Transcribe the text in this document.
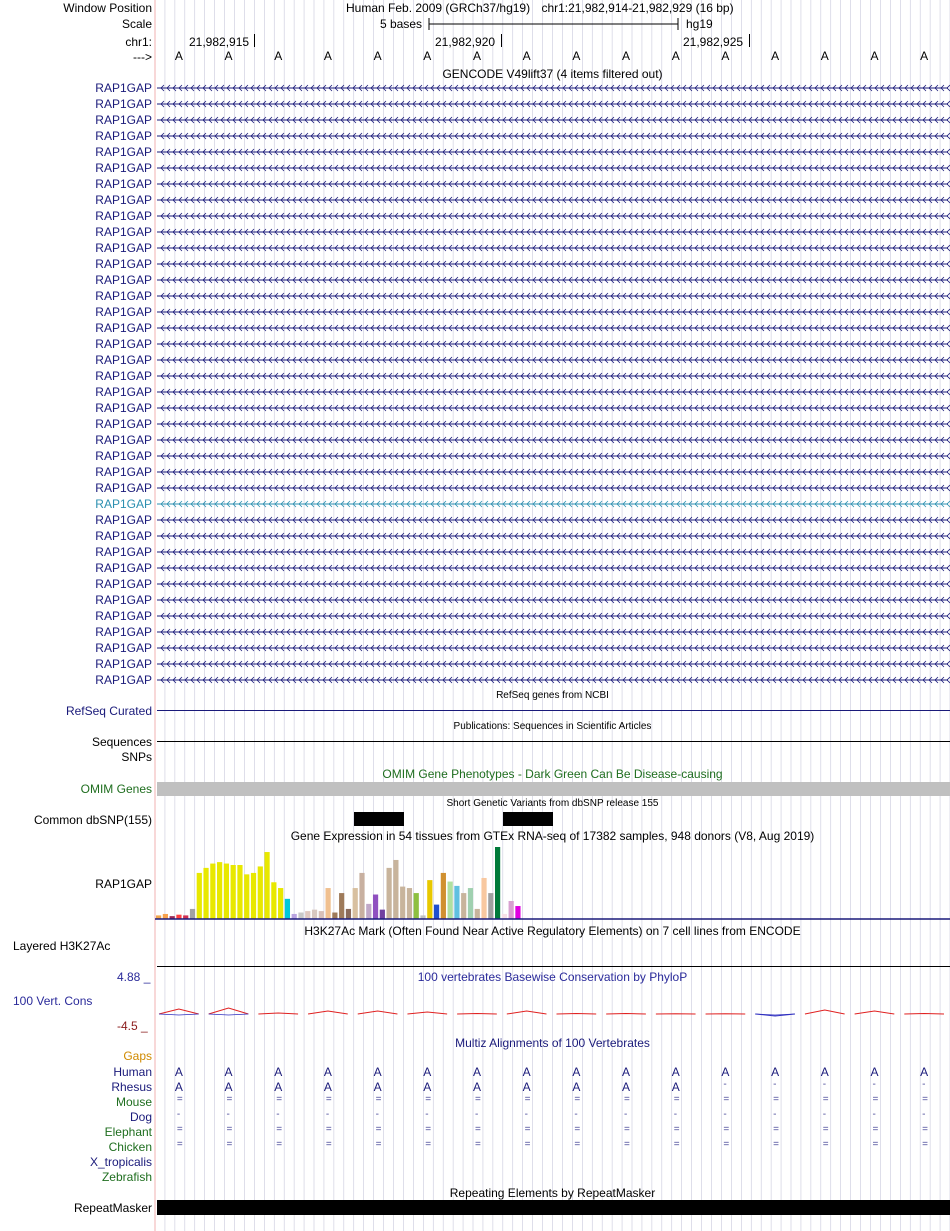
Window Position	Human Feb. 2009 (GRCh37/hg19) chr1:21,982,914-21,982,929 (16 bp)
Scale	5 bases	hg19
chr1:	21,982,915	21,982,920	21,982,925
---> A	A	A	A	A	A	A	A	A	A	A	A	A	A	A	A
GENCODE V49lift37 (4 items filtered out)
RAP1GAP
RAP1GAP
RAP1GAP
RAP1GAP
RAP1GAP
RAP1GAP
RAP1GAP
RAP1GAP
RAP1GAP
RAP1GAP
RAP1GAP
RAP1GAP
RAP1GAP
RAP1GAP
RAP1GAP
RAP1GAP
RAP1GAP
RAP1GAP
RAP1GAP
RAP1GAP
RAP1GAP
RAP1GAP
RAP1GAP
RAP1GAP
RAP1GAP
RAP1GAP
RAP1GAP
RAP1GAP
RAP1GAP
RAP1GAP
RAP1GAP
RAP1GAP
RAP1GAP
RAP1GAP
RAP1GAP
RAP1GAP
RAP1GAP
RAP1GAP
RefSeq genes from NCBI
RefSeq Curated
Publications: Sequences in Scientific Articles
Sequences
SNPs
OMIM Gene Phenotypes - Dark Green Can Be Disease-causing
OMIM Genes
Short Genetic Variants from dbSNP release 155
Common dbSNP(155)
Gene Expression in 54 tissues from GTEx RNA-seq of 17382 samples, 948 donors (V8, Aug 2019)
RAP1GAP
H3K27Ac Mark (Often Found Near Active Regulatory Elements) on 7 cell lines from ENCODE
Layered H3K27Ac
100 vertebrates Basewise Conservation by PhyloP
4.88 _
100 Vert. Cons
-4.5 _
Multiz Alignments of 100 Vertebrates
Gaps
Human A	A	A	A	A	A	A	A	A	A	A	A	A	A	A	A
Rhesus A	A	A	A	A	A	A	A	A	A	A	-	-	-	-	-
Mouse =	=	=	=	=	=	=	=	=	=	=	=	=	=	=	=
Dog -	-	-	-	-	-	-	-	-	-	-	-	-	-	-	-
Elephant =	=	=	=	=	=	=	=	=	=	=	=	=	=	=	=
Chicken =	=	=	=	=	=	=	=	=	=	=	=	=	=	=	=
X_tropicalis
Zebrafish
Repeating Elements by RepeatMasker
RepeatMasker
